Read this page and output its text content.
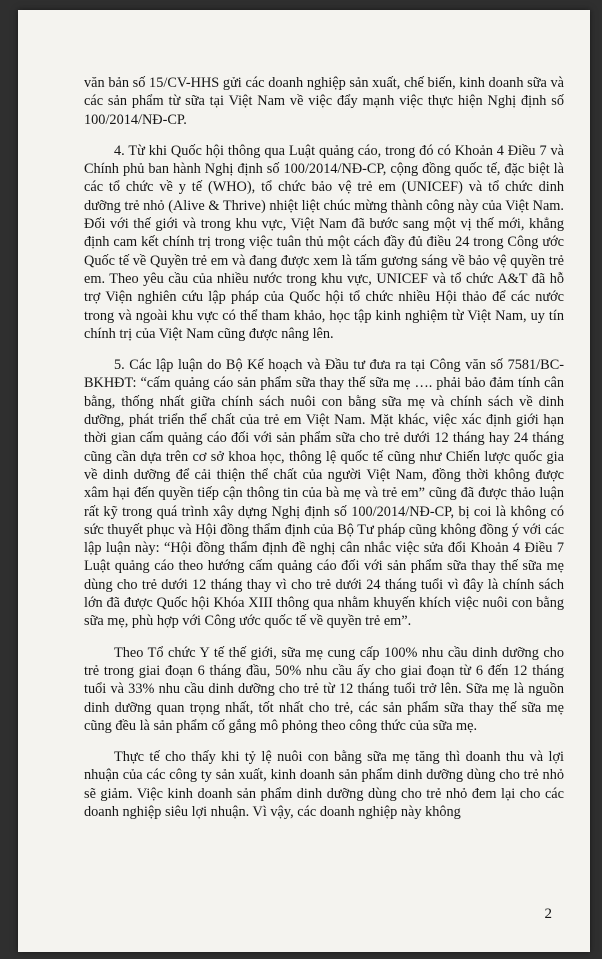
văn bản số 15/CV-HHS gửi các doanh nghiệp sản xuất, chế biến, kinh doanh sữa và các sản phẩm từ sữa tại Việt Nam về việc đẩy mạnh việc thực hiện Nghị định số 100/2014/NĐ-CP.

4. Từ khi Quốc hội thông qua Luật quảng cáo, trong đó có Khoản 4 Điều 7 và Chính phủ ban hành Nghị định số 100/2014/NĐ-CP, cộng đồng quốc tế, đặc biệt là các tổ chức về y tế (WHO), tổ chức bảo vệ trẻ em (UNICEF) và tổ chức dinh dưỡng trẻ nhỏ (Alive & Thrive) nhiệt liệt chúc mừng thành công này của Việt Nam. Đối với thế giới và trong khu vực, Việt Nam đã bước sang một vị thế mới, khẳng định cam kết chính trị trong việc tuân thủ một cách đầy đủ điều 24 trong Công ước Quốc tế về Quyền trẻ em và đang được xem là tấm gương sáng về bảo vệ quyền trẻ em. Theo yêu cầu của nhiều nước trong khu vực, UNICEF và tổ chức A&T đã hỗ trợ Viện nghiên cứu lập pháp của Quốc hội tổ chức nhiều Hội thảo để các nước trong và ngoài khu vực có thể tham khảo, học tập kinh nghiệm từ Việt Nam, uy tín chính trị của Việt Nam cũng được nâng lên.

5. Các lập luận do Bộ Kế hoạch và Đầu tư đưa ra tại Công văn số 7581/BC-BKHĐT: “cấm quảng cáo sản phẩm sữa thay thế sữa mẹ …. phải bảo đảm tính cân bằng, thống nhất giữa chính sách nuôi con bằng sữa mẹ và chính sách về dinh dưỡng, phát triển thể chất của trẻ em Việt Nam. Mặt khác, việc xác định giới hạn thời gian cấm quảng cáo đối với sản phẩm sữa cho trẻ dưới 12 tháng hay 24 tháng cũng cần dựa trên cơ sở khoa học, thông lệ quốc tế cũng như Chiến lược quốc gia về dinh dưỡng để cải thiện thể chất của người Việt Nam, đồng thời không được xâm hại đến quyền tiếp cận thông tin của bà mẹ và trẻ em” cũng đã được thảo luận rất kỹ trong quá trình xây dựng Nghị định số 100/2014/NĐ-CP, bị coi là không có sức thuyết phục và Hội đồng thẩm định của Bộ Tư pháp cũng không đồng ý với các lập luận này: “Hội đồng thẩm định đề nghị cân nhắc việc sửa đổi Khoản 4 Điều 7 Luật quảng cáo theo hướng cấm quảng cáo đối với sản phẩm sữa thay thế sữa mẹ dùng cho trẻ dưới 12 tháng thay vì cho trẻ dưới 24 tháng tuổi vì đây là chính sách lớn đã được Quốc hội Khóa XIII thông qua nhằm khuyến khích việc nuôi con bằng sữa mẹ, phù hợp với Công ước quốc tế về quyền trẻ em”.

Theo Tổ chức Y tế thế giới, sữa mẹ cung cấp 100% nhu cầu dinh dưỡng cho trẻ trong giai đoạn 6 tháng đầu, 50% nhu cầu ấy cho giai đoạn từ 6 đến 12 tháng tuổi và 33% nhu cầu dinh dưỡng cho trẻ từ 12 tháng tuổi trở lên. Sữa mẹ là nguồn dinh dưỡng quan trọng nhất, tốt nhất cho trẻ, các sản phẩm sữa thay thế sữa mẹ cũng đều là sản phẩm cố gắng mô phỏng theo công thức của sữa mẹ.

Thực tế cho thấy khi tỷ lệ nuôi con bằng sữa mẹ tăng thì doanh thu và lợi nhuận của các công ty sản xuất, kinh doanh sản phẩm dinh dưỡng dùng cho trẻ nhỏ sẽ giảm. Việc kinh doanh sản phẩm dinh dưỡng dùng cho trẻ nhỏ đem lại cho các doanh nghiệp siêu lợi nhuận. Vì vậy, các doanh nghiệp này không

2
